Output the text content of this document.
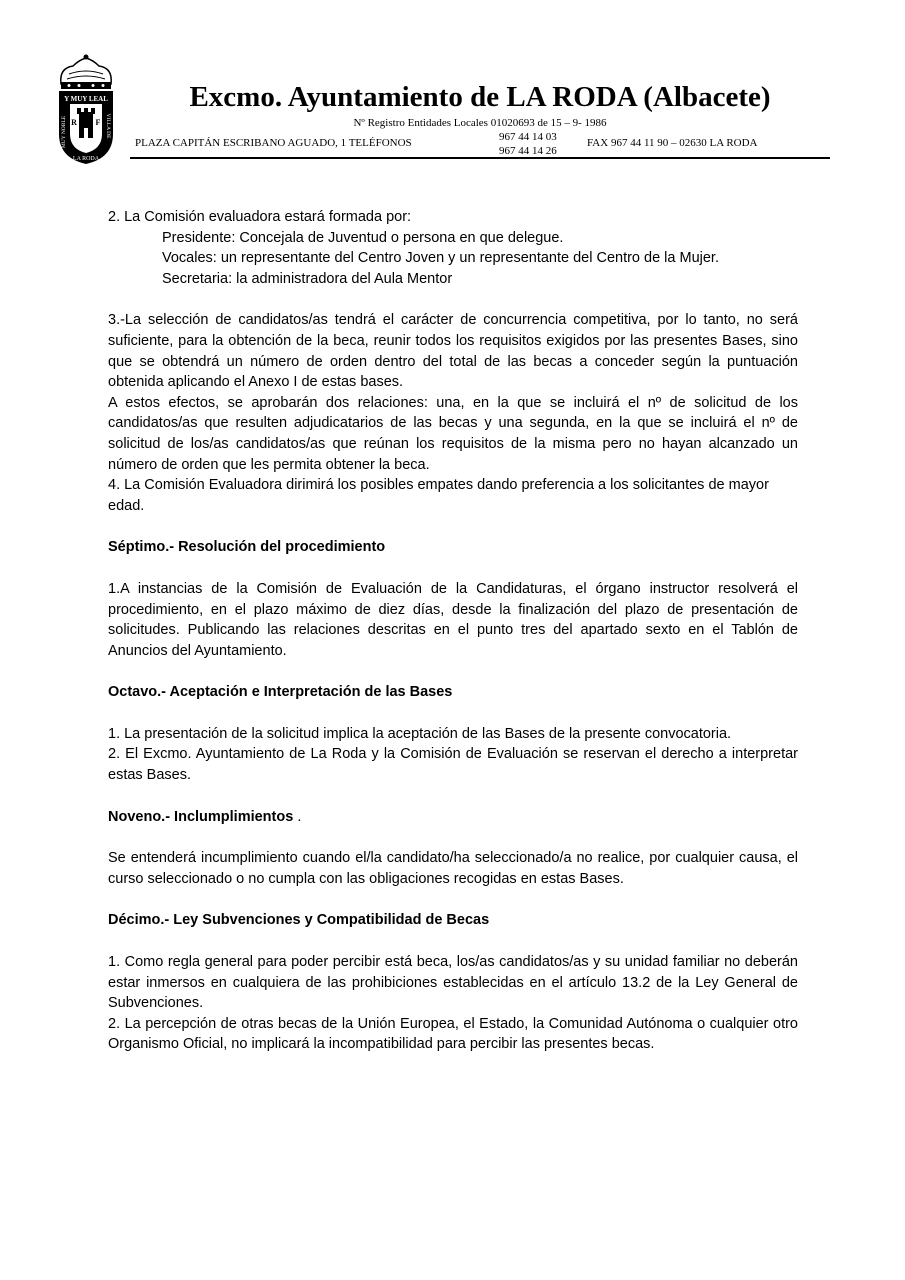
Y MUY LEAL
R F
MUY NOBLE	VILLA DE
LA RODA
Excmo. Ayuntamiento de LA RODA (Albacete)
Nº Registro Entidades Locales 01020693 de 15 – 9- 1986
PLAZA CAPITÁN ESCRIBANO AGUADO, 1 TELÉFONOS	967 44 14 03
967 44 14 26
FAX 967 44 11 90 – 02630 LA RODA

2. La Comisión evaluadora estará formada por:

Presidente: Concejala de Juventud o persona en que delegue.

Vocales: un representante del Centro Joven y un representante del Centro de la Mujer.

Secretaria: la administradora del Aula Mentor

3.-La selección de candidatos/as tendrá el carácter de concurrencia competitiva, por lo tanto, no será suficiente, para la obtención de la beca, reunir todos los requisitos exigidos por las presentes Bases, sino que se obtendrá un número de orden dentro del total de las becas a conceder según la puntuación obtenida aplicando el Anexo I de estas bases.

A estos efectos, se aprobarán dos relaciones: una, en la que se incluirá el nº de solicitud de los candidatos/as que resulten adjudicatarios de las becas y una segunda, en la que se incluirá el nº de solicitud de los/as candidatos/as que reúnan los requisitos de la misma pero no hayan alcanzado un número de orden que les permita obtener la beca.

4. La Comisión Evaluadora dirimirá los posibles empates dando preferencia a los solicitantes de mayor edad.

Séptimo.- Resolución del procedimiento

1.A instancias de la Comisión de Evaluación de la Candidaturas, el órgano instructor resolverá el procedimiento, en el plazo máximo de diez días, desde la finalización del plazo de presentación de solicitudes. Publicando las relaciones descritas en el punto tres del apartado sexto en el Tablón de Anuncios del Ayuntamiento.

Octavo.- Aceptación e Interpretación de las Bases

1. La presentación de la solicitud implica la aceptación de las Bases de la presente convocatoria.

2. El Excmo. Ayuntamiento de La Roda y la Comisión de Evaluación se reservan el derecho a interpretar estas Bases.

Noveno.- Inclumplimientos .

Se entenderá incumplimiento cuando el/la candidato/ha seleccionado/a no realice, por cualquier causa, el curso seleccionado o no cumpla con las obligaciones recogidas en estas Bases.

Décimo.- Ley Subvenciones y Compatibilidad de Becas

1. Como regla general para poder percibir está beca, los/as candidatos/as y su unidad familiar no deberán estar inmersos en cualquiera de las prohibiciones establecidas en el artículo 13.2 de la Ley General de Subvenciones.

2. La percepción de otras becas de la Unión Europea, el Estado, la Comunidad Autónoma o cualquier otro Organismo Oficial, no implicará la incompatibilidad para percibir las presentes becas.
